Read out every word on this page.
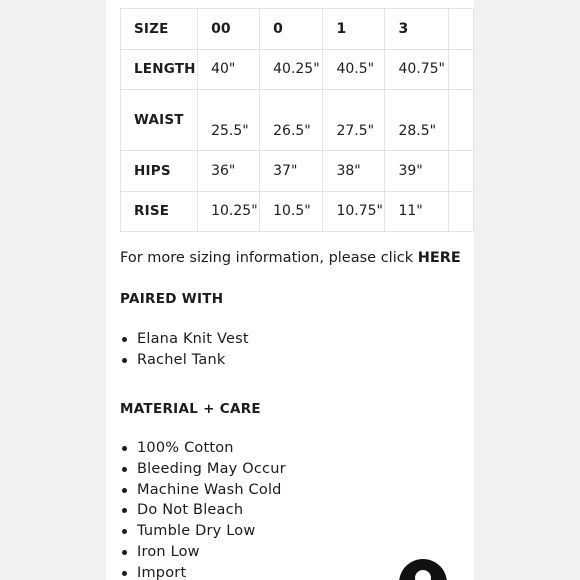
SIZE	00	0	1	3	
LENGTH	40"	40.25"	40.5"	40.75"	
WAIST	25.5"	26.5"	27.5"	28.5"	
HIPS	36"	37"	38"	39"	
RISE	10.25"	10.5"	10.75"	11"	

For more sizing information, please click HERE

PAIRED WITH
Elana Knit Vest
Rachel Tank
MATERIAL + CARE
100% Cotton
Bleeding May Occur
Machine Wash Cold
Do Not Bleach
Tumble Dry Low
Iron Low
Import
